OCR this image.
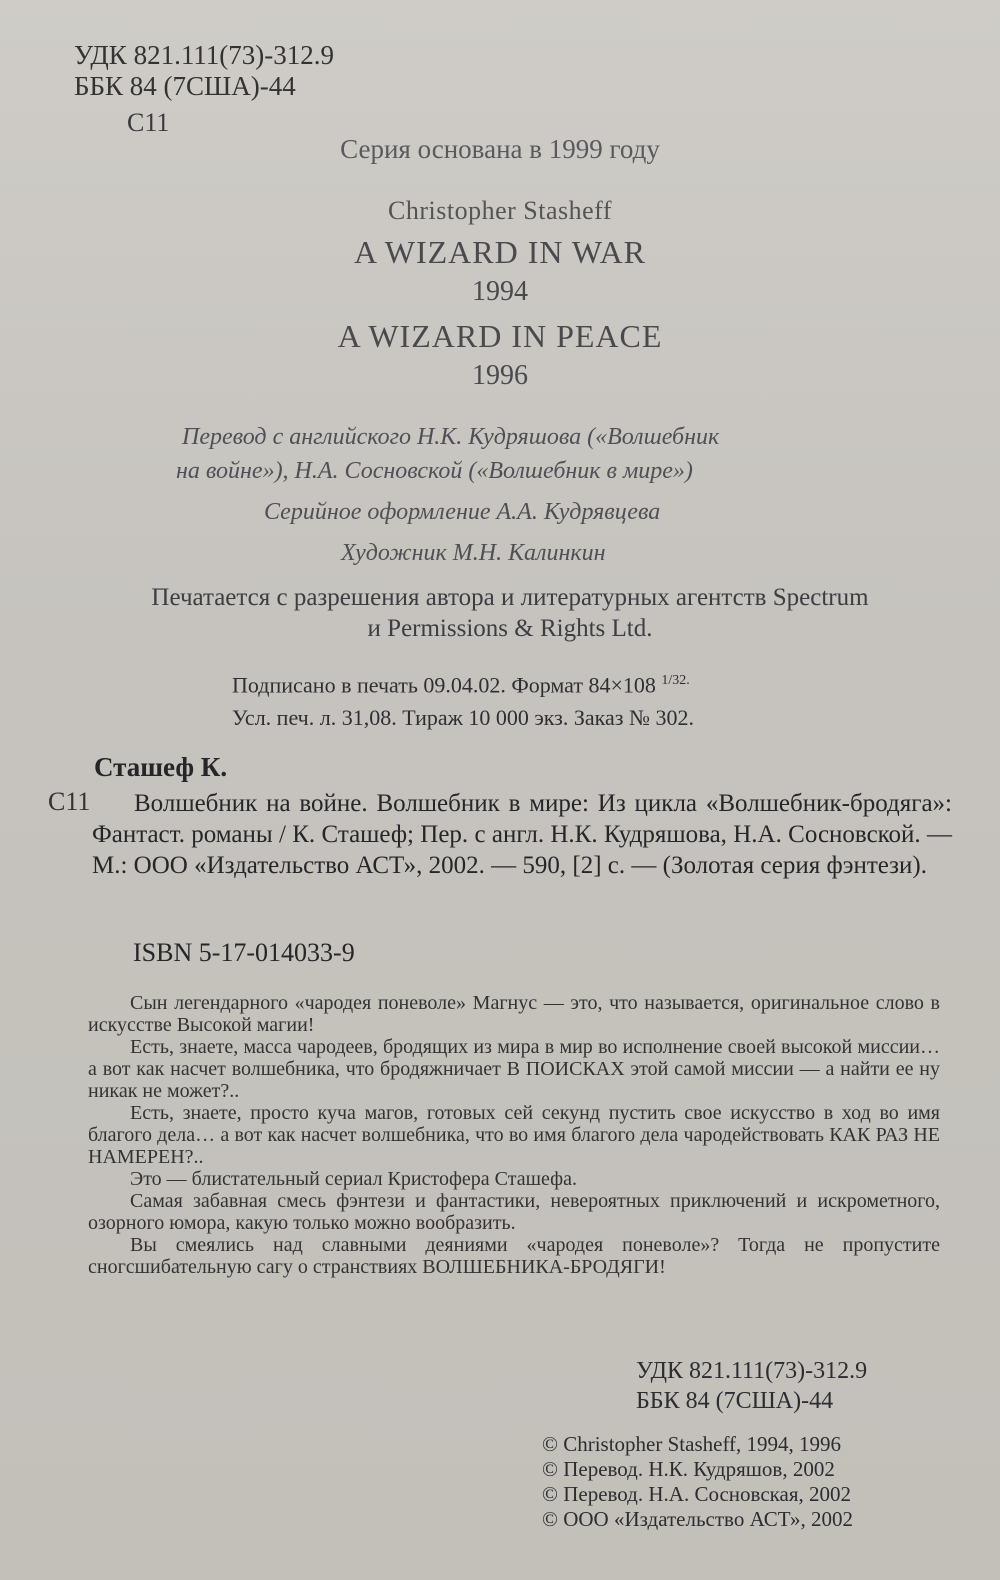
УДК 821.111(73)-312.9
ББК 84 (7США)-44
С11
Серия основана в 1999 году
Christopher Stasheff
A WIZARD IN WAR
1994
A WIZARD IN PEACE
1996
Перевод с английского Н.К. Кудряшова («Волшебник
на войне»), Н.А. Сосновской («Волшебник в мире»)
Серийное оформление А.А. Кудрявцева
Художник М.Н. Калинкин
Печатается с разрешения автора и литературных агентств Spectrum и Permissions & Rights Ltd.
Подписано в печать 09.04.02. Формат 84×108 $^{1/32.}$
Усл. печ. л. 31,08. Тираж 10 000 экз. Заказ № 302.
Сташеф К.
С11	Волшебник на войне. Волшебник в мире: Из цикла «Волшебник-бродяга»: Фантаст. романы / К. Сташеф; Пер. с англ. Н.К. Кудряшова, Н.А. Сосновской. — М.: ООО «Издательство АСТ», 2002. — 590, [2] с. — (Золотая серия фэнтези).
ISBN 5-17-014033-9

Сын легендарного «чародея поневоле» Магнус — это, что называется, оригинальное слово в искусстве Высокой магии!

Есть, знаете, масса чародеев, бродящих из мира в мир во исполнение своей высокой миссии… а вот как насчет волшебника, что бродяжничает В ПОИСКАХ этой самой миссии — а найти ее ну никак не может?..

Есть, знаете, просто куча магов, готовых сей секунд пустить свое искусство в ход во имя благого дела… а вот как насчет волшебника, что во имя благого дела чародействовать КАК РАЗ НЕ НАМЕРЕН?..

Это — блистательный сериал Кристофера Сташефа.

Самая забавная смесь фэнтези и фантастики, невероятных приключений и искрометного, озорного юмора, какую только можно вообразить.

Вы смеялись над славными деяниями «чародея поневоле»? Тогда не пропустите сногсшибательную сагу о странствиях ВОЛШЕБНИКА-БРОДЯГИ!

УДК 821.111(73)-312.9
ББК 84 (7США)-44
© Christopher Stasheff, 1994, 1996
© Перевод. Н.К. Кудряшов, 2002
© Перевод. Н.А. Сосновская, 2002
© ООО «Издательство АСТ», 2002
